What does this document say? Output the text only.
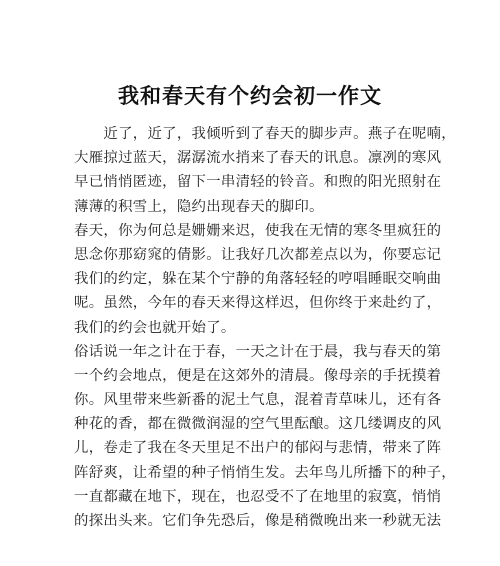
我和春天有个约会初一作文
　　近了，近了，我倾听到了春天的脚步声。燕子在呢喃，
大雁掠过蓝天，潺潺流水捎来了春天的讯息。凛冽的寒风
早已悄悄匿迹，留下一串清轻的铃音。和煦的阳光照射在
薄薄的积雪上，隐约出现春天的脚印。
春天，你为何总是姗姗来迟，使我在无情的寒冬里疯狂的
思念你那窈窕的倩影。让我好几次都差点以为，你要忘记
我们的约定，躲在某个宁静的角落轻轻的哼唱睡眠交响曲
呢。虽然，今年的春天来得这样迟，但你终于来赴约了，
我们的约会也就开始了。
俗话说一年之计在于春，一天之计在于晨，我与春天的第
一个约会地点，便是在这郊外的清晨。像母亲的手抚摸着
你。风里带来些新番的泥土气息，混着青草味儿，还有各
种花的香，都在微微润湿的空气里酝酿。这几缕调皮的风
儿，卷走了我在冬天里足不出户的郁闷与悲情，带来了阵
阵舒爽，让希望的种子悄悄生发。去年鸟儿所播下的种子，
一直都藏在地下，现在，也忍受不了在地里的寂寞，悄悄
的探出头来。它们争先恐后，像是稍微晚出来一秒就无法
